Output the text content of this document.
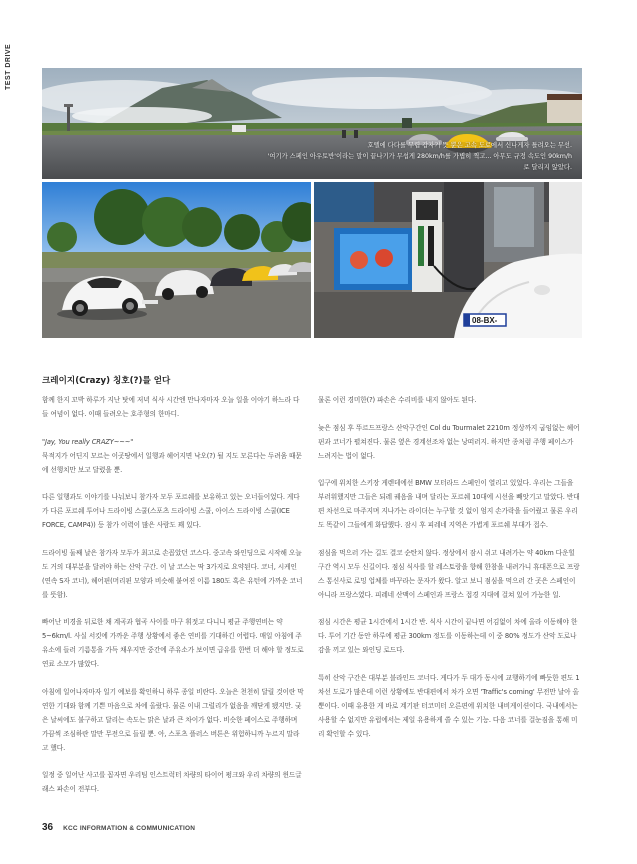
TEST DRIVE
호텔에 다다를 무렵 갑자기 뜻 뿐은 고속 도로에서 신나게자 틀려오는 무선.
'여기가 스페인 아우토반'이라는 말이 끝나기가 무섭게 280km/h를 가볍히 찍고... 아무도 규정 속도인 90km/h로 달리지 않았다.
08-BX-
크레이지(Crazy) 칭호(?)를 얻다

함께 한지 꼬박 하루가 지난 탓에 저녁 식사 시간엔 만나자마자 오늘 일을 이야기 하느라 다들 여념이 없다. 이때 들려오는 호주형의 한마디.

"Jay, You really CRAZY~~~"

묵적지가 어딘지 모르는 이곳땅에서 일행과 헤어지면 낙오(?) 될 지도 모른다는 두려움 때문에 선행치만 보고 달렸을 뿐.

다른 일행과도 이야기를 나눠보니 참가자 모두 포르쉐를 보유하고 있는 오너들이었다. 게다가 다른 포르쉐 투어나 드라이빙 스쿨(스포츠 드라이빙 스쿨, 아이스 드라이빙 스쿨(ICE FORCE, CAMP4)) 등 참가 이력이 많은 사람도 꽤 있다.

드라이빙 둘째 날은 참가자 모두가 최고로 손꼽았던 코스다. 중고속 와인딩으로 시작해 오늘도 거의 대부분을 달려야 하는 산악 구간. 이 날 코스는 딱 3가지로 요약된다. 코너, 시케인(연속 S자 코너), 헤어핀(머리핀 모양과 비슷해 붙여진 이름 180도 혹은 유턴에 가까운 코너를 뜻함).

빠어난 비경을 뒤로한 채 계곡과 협곡 사이를 마구 휘젓고 다니니 평균 주행연비는 약 5~6km/l. 사실 서킷에 가까운 주행 상황에서 좋은 연비를 기대하긴 어렵다. 매일 아침에 주유소에 들러 기름통을 가득 채우지만 중간에 주유소가 보이면 급유를 한번 더 해야 할 정도로 연료 소모가 많았다.

아침에 일어나자마자 일기 예보를 확인하니 하루 종일 비란다. 오늘은 천천히 달릴 것이란 막연한 기대와 함께 기쁜 마음으로 차에 올랐다. 물론 이내 그럴리가 없음을 깨닫게 됐지만. 궂은 날씨에도 불구하고 달리는 속도는 맑은 날과 큰 차이가 없다. 비슷한 페이스로 주행하며 가끔씩 조심하란 말만 무전으로 들릴 뿐. 아, 스포츠 플러스 버튼은 위험하니까 누르지 말라고 했다.

일정 중 일어난 사고를 꼽자면 우리팀 인스트럭터 차량의 타이어 펑크와 우리 차량의 윈드글래스 파손이 전부다.

물론 이런 경미한(?) 파손은 수리비를 내지 않아도 된다.

늦은 점심 후 뚜르드프랑스 산악구간인 Col du Tourmalet 2210m 정상까지 굽임없는 헤어핀과 코너가 펼쳐진다. 물론 옆은 경계선조차 없는 낭떠러지. 하지만 종처럼 주행 페이스가 느려지는 법이 없다.

입구에 위치한 스키장 게렌데에선 BMW 모터라드 스페인이 열리고 있었다. 우리는 그들을 부러워했지만 그들은 되레 궤음을 내며 달리는 포르쉐 10대에 시선을 빼앗기고 말았다. 반대편 차선으로 마주지며 지나가는 라이더는 누구할 것 없이 엄지 손가락을 들어줬고 물론 우리도 똑같이 그들에게 화답했다. 잠시 후 피레네 지역은 가볍게 포르쉐 부대가 접수.

점심을 먹으러 가는 길도 결코 순탄치 않다. 정상에서 잠시 쉬고 내려가는 약 40km 다운힐 구간 역시 모두 신길이다. 점심 식사를 할 레스토랑을 향해 한참을 내려가니 휴대폰으로 프랑스 통신사로 로밍 업체를 바꾸라는 문자가 왔다. 알고 보니 점심을 먹으러 간 곳은 스페인이 아니라 프랑스였다. 피레네 산맥이 스페인과 프랑스 접경 지대에 걸쳐 있어 가능한 일.

점심 시간은 평균 1시간에서 1시간 반. 식사 시간이 끝나면 어김없이 차에 올라 이동해야 한다. 투어 기간 동안 하루에 평균 300km 정도를 이동하는데 이 중 80% 정도가 산악 도로나 감을 끼고 있는 와인딩 로드다.

특히 산악 구간은 대부분 블라인드 코너다. 게다가 두 대가 동시에 교행하기에 빠듯한 편도 1차선 도로가 많은데 이런 상황에도 반대편에서 차가 오면 'Traffic's coming' 무전만 날아 올 뿐이다. 이때 유용한 게 바로 계기판 터코미터 오른편에 위치한 내비게이션이다. 국내에서는 사용할 수 없지만 유럽에서는 제일 유용하게 쓸 수 있는 기능. 다음 코너를 걸눈짐을 통해 미리 확인할 수 있다.

36 KCC INFORMATION & COMMUNICATION
